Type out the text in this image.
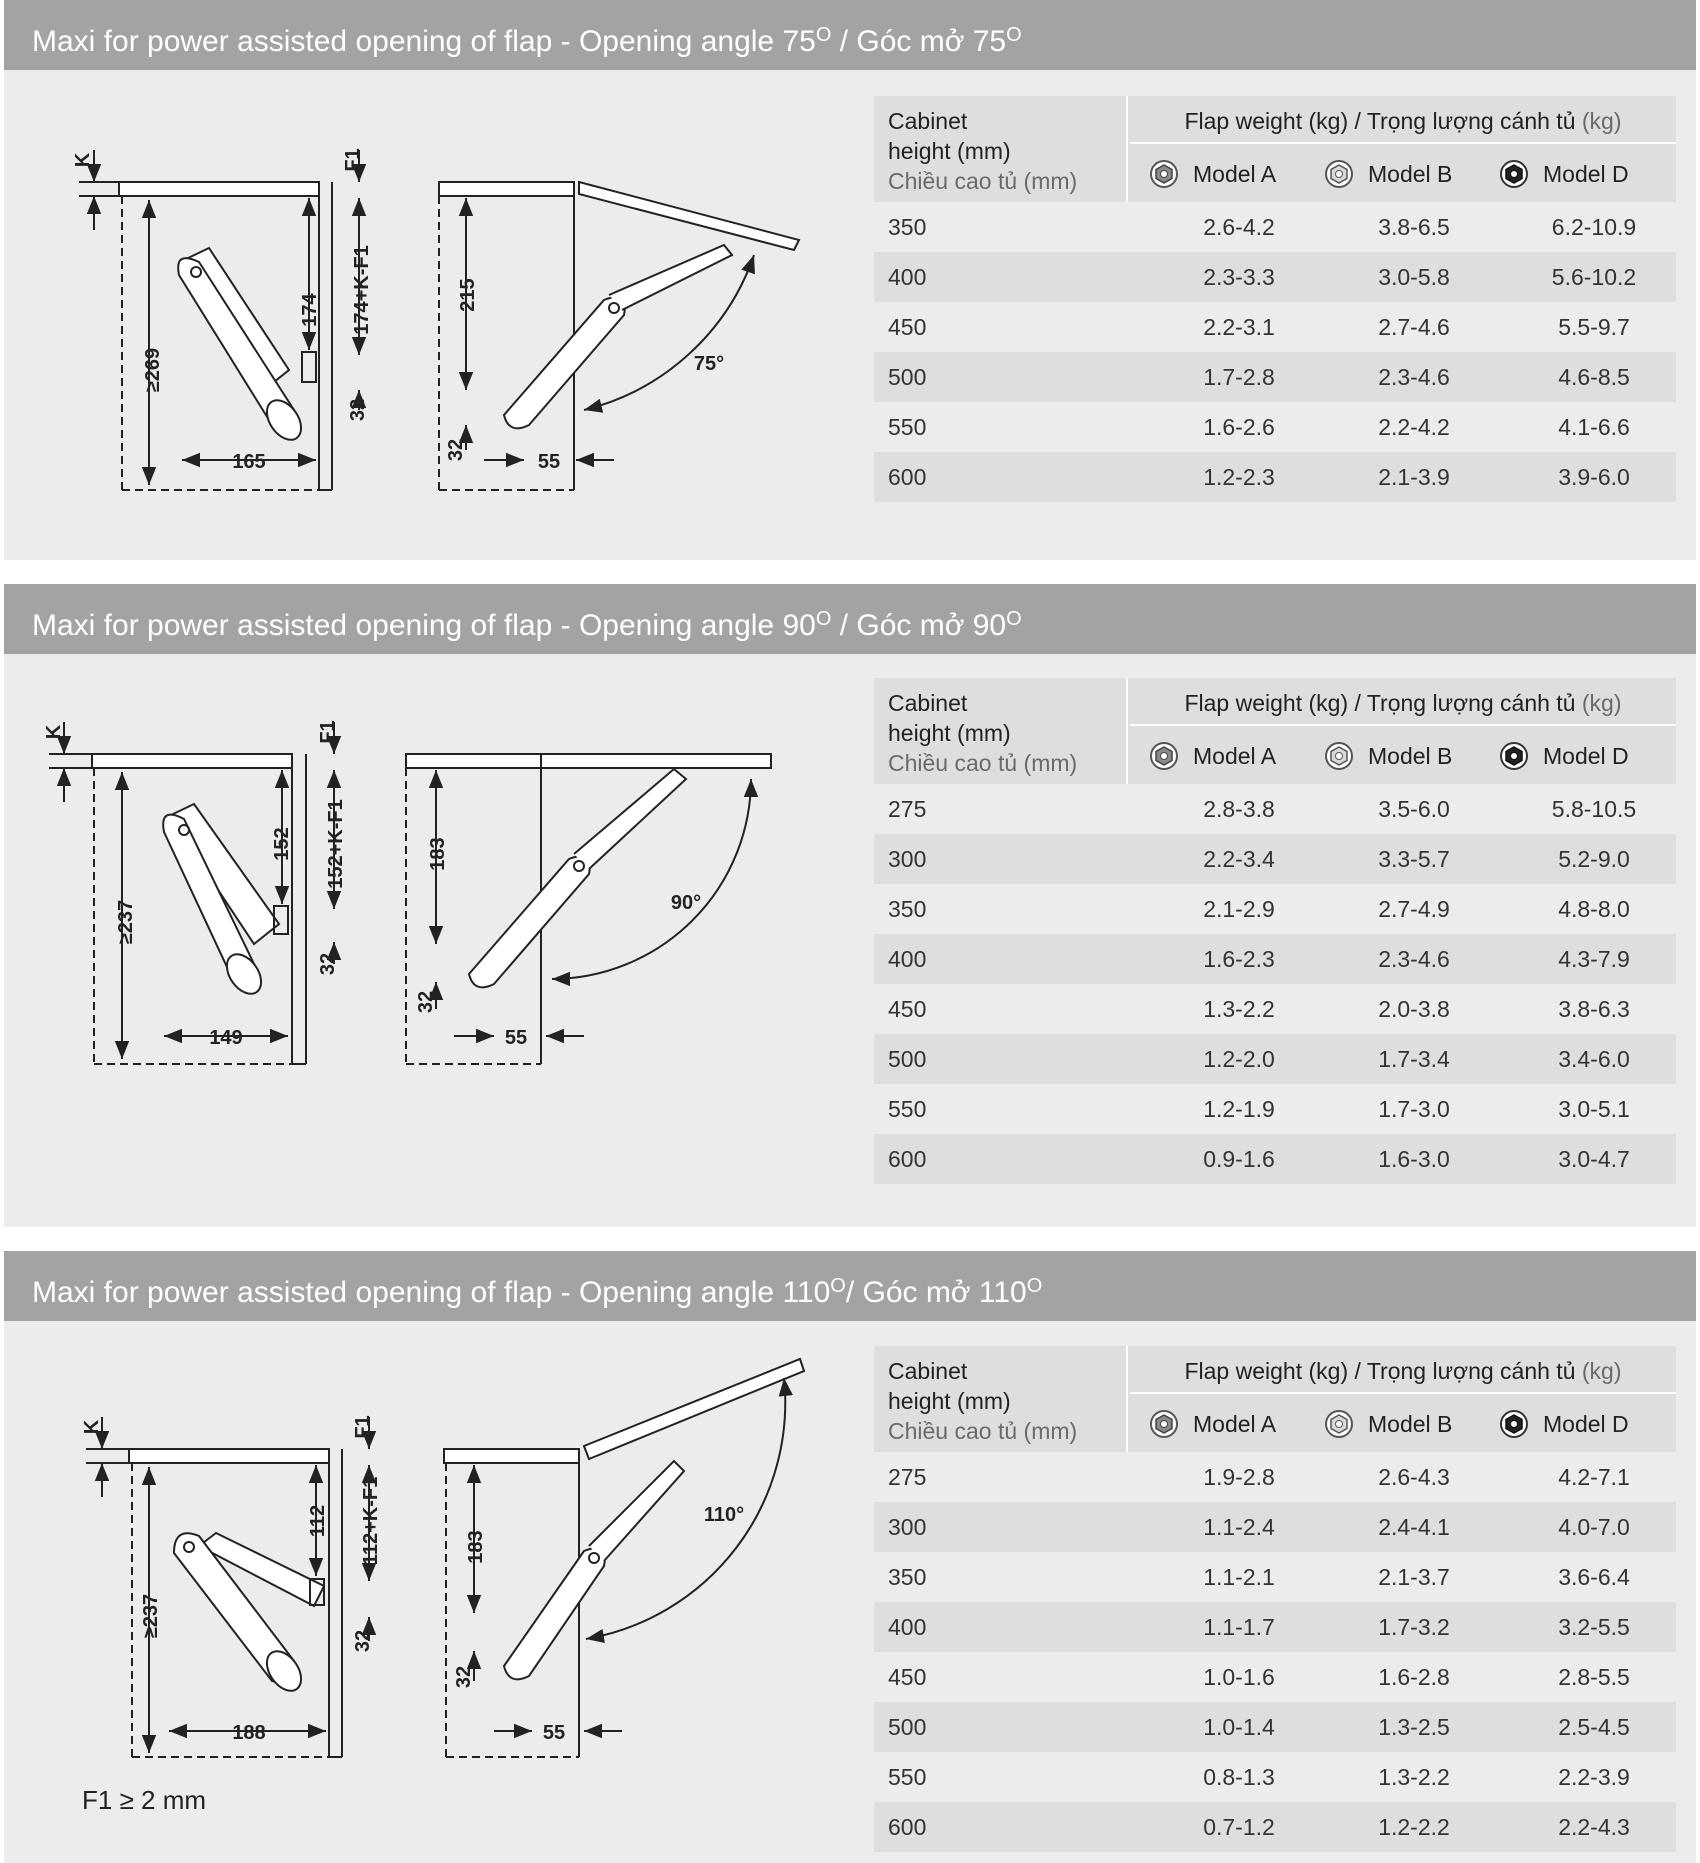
Maxi for power assisted opening of flap - Opening angle $75^O$ / Góc mở $75^O$
≥269
165
174 174+K-F1
32
K	F1
215
32
55
75°
Cabinet
height (mm)
Chiều cao tủ (mm)
Flap weight (kg) / Trọng lượng cánh tủ (kg)
Model A	Model B	Model D
350	2.6-4.2	3.8-6.5	6.2-10.9
400	2.3-3.3	3.0-5.8	5.6-10.2
450	2.2-3.1	2.7-4.6	5.5-9.7
500	1.7-2.8	2.3-4.6	4.6-8.5
550	1.6-2.6	2.2-4.2	4.1-6.6
600	1.2-2.3	2.1-3.9	3.9-6.0
Maxi for power assisted opening of flap - Opening angle $90^O$ / Góc mở $90^O$
≥237
149
152 152+K-F1
32
K	F1
183
32
55
90°
Cabinet
height (mm)
Chiều cao tủ (mm)
Flap weight (kg) / Trọng lượng cánh tủ (kg)
Model A	Model B	Model D
275	2.8-3.8	3.5-6.0	5.8-10.5
300	2.2-3.4	3.3-5.7	5.2-9.0
350	2.1-2.9	2.7-4.9	4.8-8.0
400	1.6-2.3	2.3-4.6	4.3-7.9
450	1.3-2.2	2.0-3.8	3.8-6.3
500	1.2-2.0	1.7-3.4	3.4-6.0
550	1.2-1.9	1.7-3.0	3.0-5.1
600	0.9-1.6	1.6-3.0	3.0-4.7
Maxi for power assisted opening of flap - Opening angle $110^O/$ Góc mở $110^O$
≥237
188
112 112+K-F1
32
K	F1
183
32
55
110°
Cabinet
height (mm)
Chiều cao tủ (mm)
Flap weight (kg) / Trọng lượng cánh tủ (kg)
Model A	Model B	Model D
275	1.9-2.8	2.6-4.3	4.2-7.1
300	1.1-2.4	2.4-4.1	4.0-7.0
350	1.1-2.1	2.1-3.7	3.6-6.4
400	1.1-1.7	1.7-3.2	3.2-5.5
450	1.0-1.6	1.6-2.8	2.8-5.5
500	1.0-1.4	1.3-2.5	2.5-4.5
550	0.8-1.3	1.3-2.2	2.2-3.9
600	0.7-1.2	1.2-2.2	2.2-4.3
F1 ≥ 2 mm
